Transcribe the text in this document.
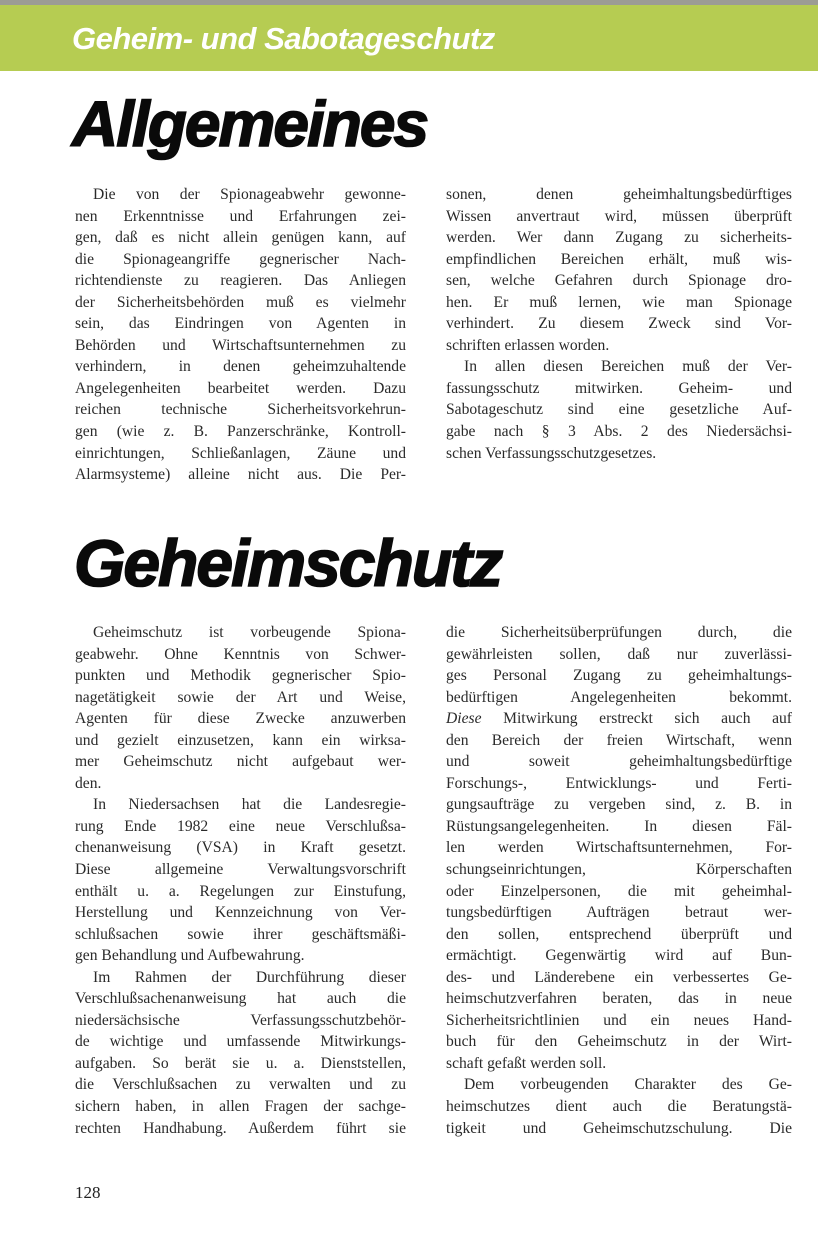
Geheim- und Sabotageschutz
Allgemeines
Die von der Spionageabwehr gewonne-
nen Erkenntnisse und Erfahrungen zei-
gen, daß es nicht allein genügen kann, auf
die Spionageangriffe gegnerischer Nach-
richtendienste zu reagieren. Das Anliegen
der Sicherheitsbehörden muß es vielmehr
sein, das Eindringen von Agenten in
Behörden und Wirtschaftsunternehmen zu
verhindern, in denen geheimzuhaltende
Angelegenheiten bearbeitet werden. Dazu
reichen technische Sicherheitsvorkehrun-
gen (wie z. B. Panzerschränke, Kontroll-
einrichtungen, Schließanlagen, Zäune und
Alarmsysteme) alleine nicht aus. Die Per-
sonen, denen geheimhaltungsbedürftiges
Wissen anvertraut wird, müssen überprüft
werden. Wer dann Zugang zu sicherheits-
empfindlichen Bereichen erhält, muß wis-
sen, welche Gefahren durch Spionage dro-
hen. Er muß lernen, wie man Spionage
verhindert. Zu diesem Zweck sind Vor-
schriften erlassen worden.
In allen diesen Bereichen muß der Ver-
fassungsschutz mitwirken. Geheim- und
Sabotageschutz sind eine gesetzliche Auf-
gabe nach § 3 Abs. 2 des Niedersächsi-
schen Verfassungsschutzgesetzes.
Geheimschutz
Geheimschutz ist vorbeugende Spiona-
geabwehr. Ohne Kenntnis von Schwer-
punkten und Methodik gegnerischer Spio-
nagetätigkeit sowie der Art und Weise,
Agenten für diese Zwecke anzuwerben
und gezielt einzusetzen, kann ein wirksa-
mer Geheimschutz nicht aufgebaut wer-
den.
In Niedersachsen hat die Landesregie-
rung Ende 1982 eine neue Verschlußsa-
chenanweisung (VSA) in Kraft gesetzt.
Diese allgemeine Verwaltungsvorschrift
enthält u. a. Regelungen zur Einstufung,
Herstellung und Kennzeichnung von Ver-
schlußsachen sowie ihrer geschäftsmäßi-
gen Behandlung und Aufbewahrung.
Im Rahmen der Durchführung dieser
Verschlußsachenanweisung hat auch die
niedersächsische Verfassungsschutzbehör-
de wichtige und umfassende Mitwirkungs-
aufgaben. So berät sie u. a. Dienststellen,
die Verschlußsachen zu verwalten und zu
sichern haben, in allen Fragen der sachge-
rechten Handhabung. Außerdem führt sie
die Sicherheitsüberprüfungen durch, die
gewährleisten sollen, daß nur zuverlässi-
ges Personal Zugang zu geheimhaltungs-
bedürftigen Angelegenheiten bekommt.
Diese Mitwirkung erstreckt sich auch auf
den Bereich der freien Wirtschaft, wenn
und soweit geheimhaltungsbedürftige
Forschungs-, Entwicklungs- und Ferti-
gungsaufträge zu vergeben sind, z. B. in
Rüstungsangelegenheiten. In diesen Fäl-
len werden Wirtschaftsunternehmen, For-
schungseinrichtungen, Körperschaften
oder Einzelpersonen, die mit geheimhal-
tungsbedürftigen Aufträgen betraut wer-
den sollen, entsprechend überprüft und
ermächtigt. Gegenwärtig wird auf Bun-
des- und Länderebene ein verbessertes Ge-
heimschutzverfahren beraten, das in neue
Sicherheitsrichtlinien und ein neues Hand-
buch für den Geheimschutz in der Wirt-
schaft gefaßt werden soll.
Dem vorbeugenden Charakter des Ge-
heimschutzes dient auch die Beratungstä-
tigkeit und Geheimschutzschulung. Die
128
